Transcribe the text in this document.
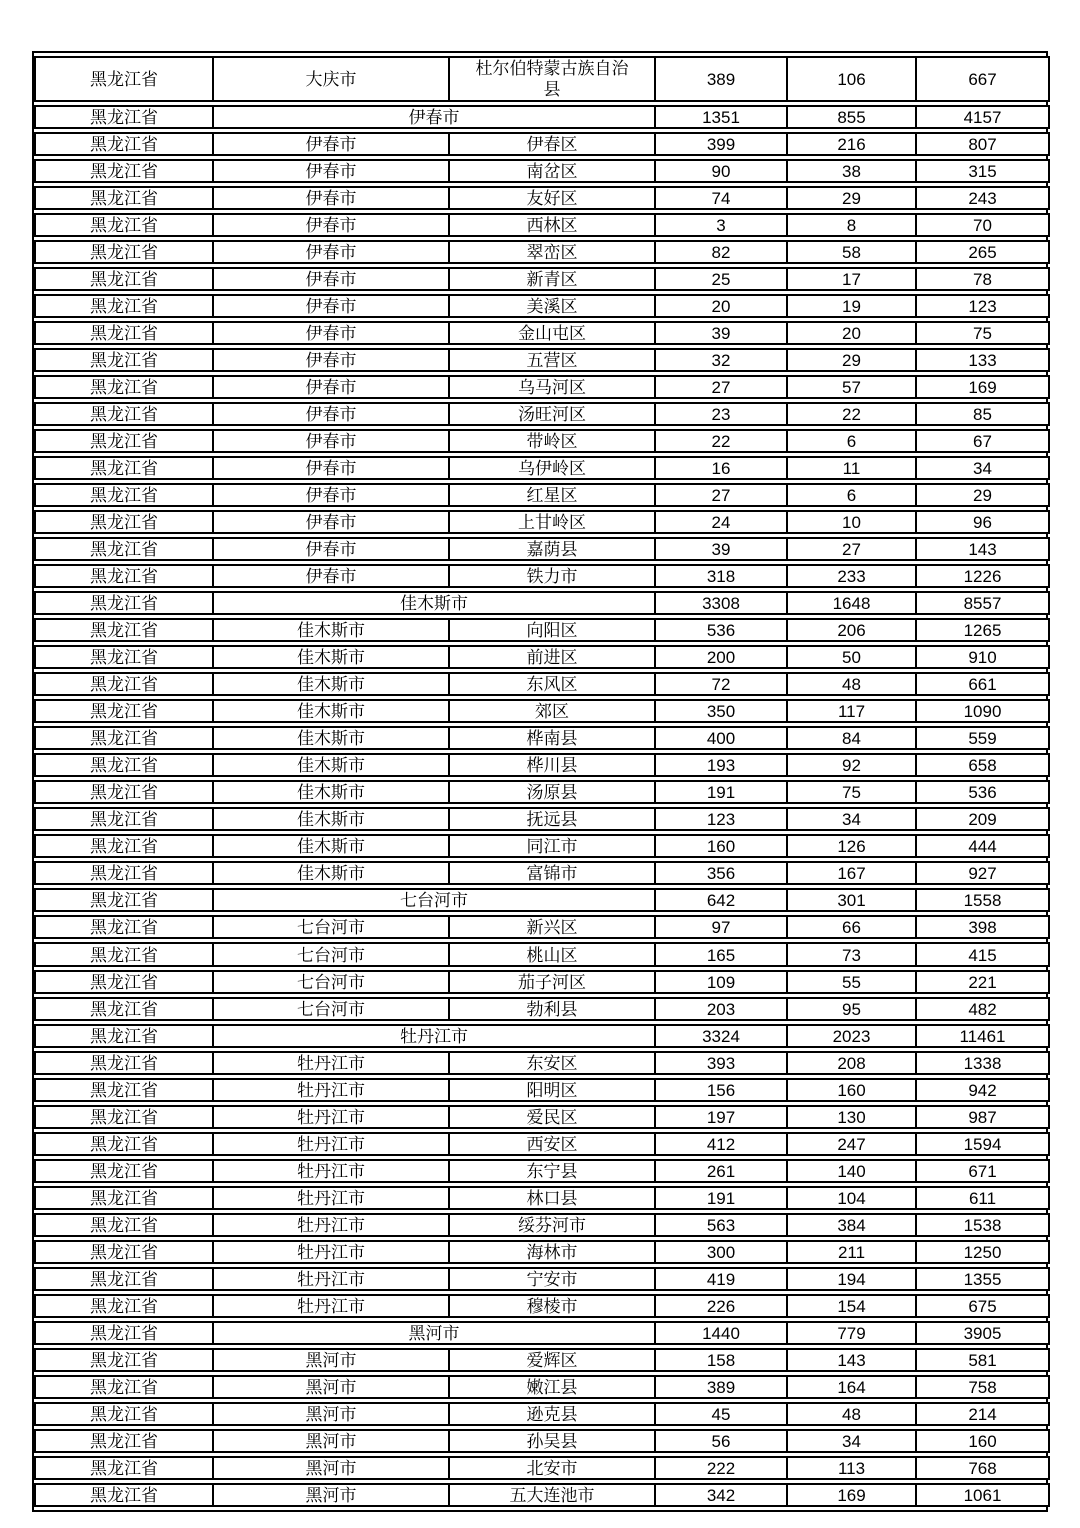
黑龙江省	大庆市	杜尔伯特蒙古族自治县	389	106	667
黑龙江省	伊春市		1351	855	4157
黑龙江省	伊春市	伊春区	399	216	807
黑龙江省	伊春市	南岔区	90	38	315
黑龙江省	伊春市	友好区	74	29	243
黑龙江省	伊春市	西林区	3	8	70
黑龙江省	伊春市	翠峦区	82	58	265
黑龙江省	伊春市	新青区	25	17	78
黑龙江省	伊春市	美溪区	20	19	123
黑龙江省	伊春市	金山屯区	39	20	75
黑龙江省	伊春市	五营区	32	29	133
黑龙江省	伊春市	乌马河区	27	57	169
黑龙江省	伊春市	汤旺河区	23	22	85
黑龙江省	伊春市	带岭区	22	6	67
黑龙江省	伊春市	乌伊岭区	16	11	34
黑龙江省	伊春市	红星区	27	6	29
黑龙江省	伊春市	上甘岭区	24	10	96
黑龙江省	伊春市	嘉荫县	39	27	143
黑龙江省	伊春市	铁力市	318	233	1226
黑龙江省	佳木斯市		3308	1648	8557
黑龙江省	佳木斯市	向阳区	536	206	1265
黑龙江省	佳木斯市	前进区	200	50	910
黑龙江省	佳木斯市	东风区	72	48	661
黑龙江省	佳木斯市	郊区	350	117	1090
黑龙江省	佳木斯市	桦南县	400	84	559
黑龙江省	佳木斯市	桦川县	193	92	658
黑龙江省	佳木斯市	汤原县	191	75	536
黑龙江省	佳木斯市	抚远县	123	34	209
黑龙江省	佳木斯市	同江市	160	126	444
黑龙江省	佳木斯市	富锦市	356	167	927
黑龙江省	七台河市		642	301	1558
黑龙江省	七台河市	新兴区	97	66	398
黑龙江省	七台河市	桃山区	165	73	415
黑龙江省	七台河市	茄子河区	109	55	221
黑龙江省	七台河市	勃利县	203	95	482
黑龙江省	牡丹江市		3324	2023	11461
黑龙江省	牡丹江市	东安区	393	208	1338
黑龙江省	牡丹江市	阳明区	156	160	942
黑龙江省	牡丹江市	爱民区	197	130	987
黑龙江省	牡丹江市	西安区	412	247	1594
黑龙江省	牡丹江市	东宁县	261	140	671
黑龙江省	牡丹江市	林口县	191	104	611
黑龙江省	牡丹江市	绥芬河市	563	384	1538
黑龙江省	牡丹江市	海林市	300	211	1250
黑龙江省	牡丹江市	宁安市	419	194	1355
黑龙江省	牡丹江市	穆棱市	226	154	675
黑龙江省	黑河市		1440	779	3905
黑龙江省	黑河市	爱辉区	158	143	581
黑龙江省	黑河市	嫩江县	389	164	758
黑龙江省	黑河市	逊克县	45	48	214
黑龙江省	黑河市	孙吴县	56	34	160
黑龙江省	黑河市	北安市	222	113	768
黑龙江省	黑河市	五大连池市	342	169	1061
